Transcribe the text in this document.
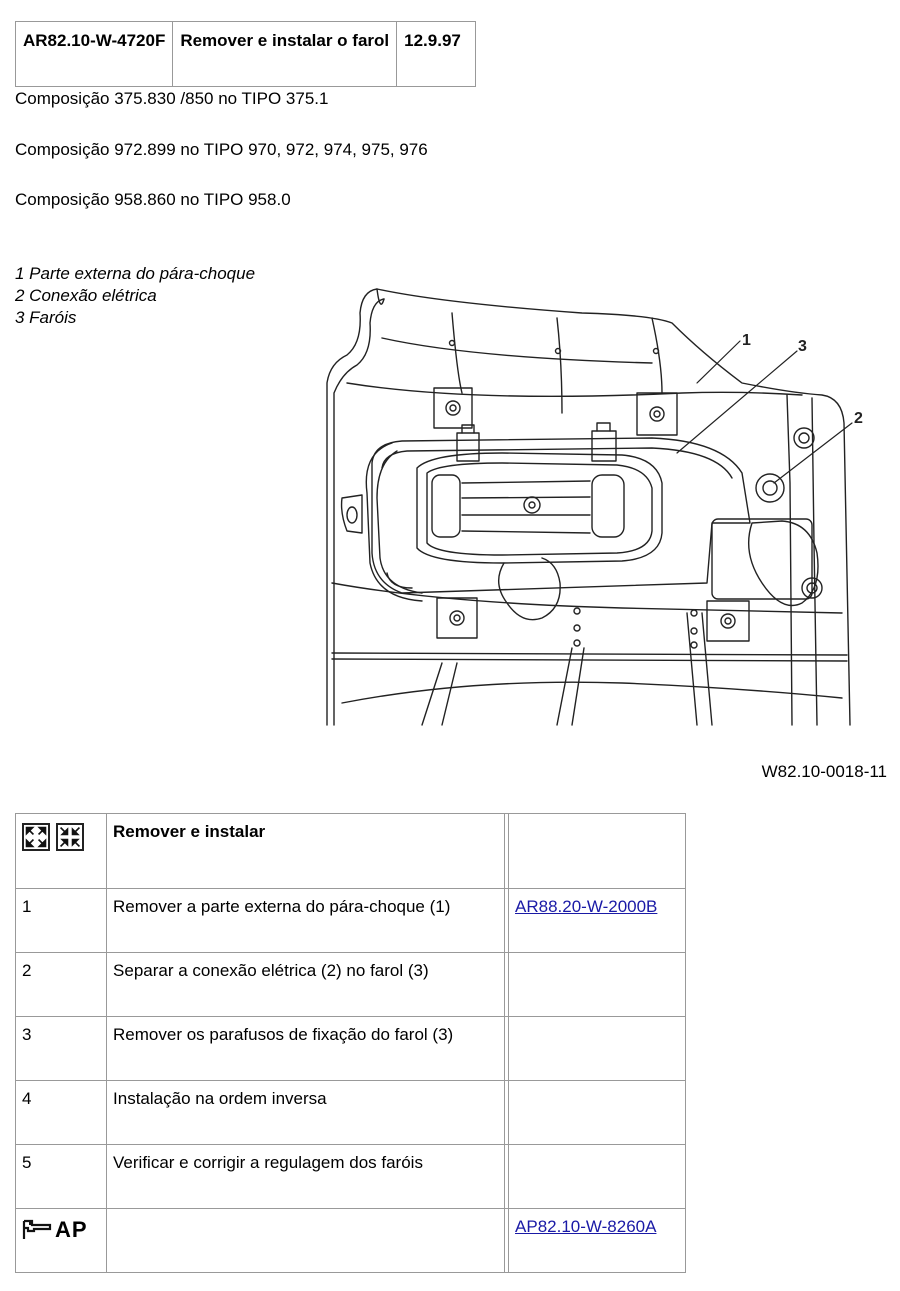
AR82.10-W-4720F	Remover e instalar o farol	12.9.97
Composição 375.830 /850 no TIPO 375.1
Composição 972.899 no TIPO 970, 972, 974, 975, 976
Composição 958.860 no TIPO 958.0
1 Parte externa do pára-choque
2 Conexão elétrica
3 Faróis
1	3
2
W82.10-0018-11
	Remover e instalar		
1	Remover a parte externa do pára-choque (1)		AR88.20-W-2000B
2	Separar a conexão elétrica (2) no farol (3)		
3	Remover os parafusos de fixação do farol (3)		
4	Instalação na ordem inversa		
5	Verificar e corrigir a regulagem dos faróis		

AP			AP82.10-W-8260A
